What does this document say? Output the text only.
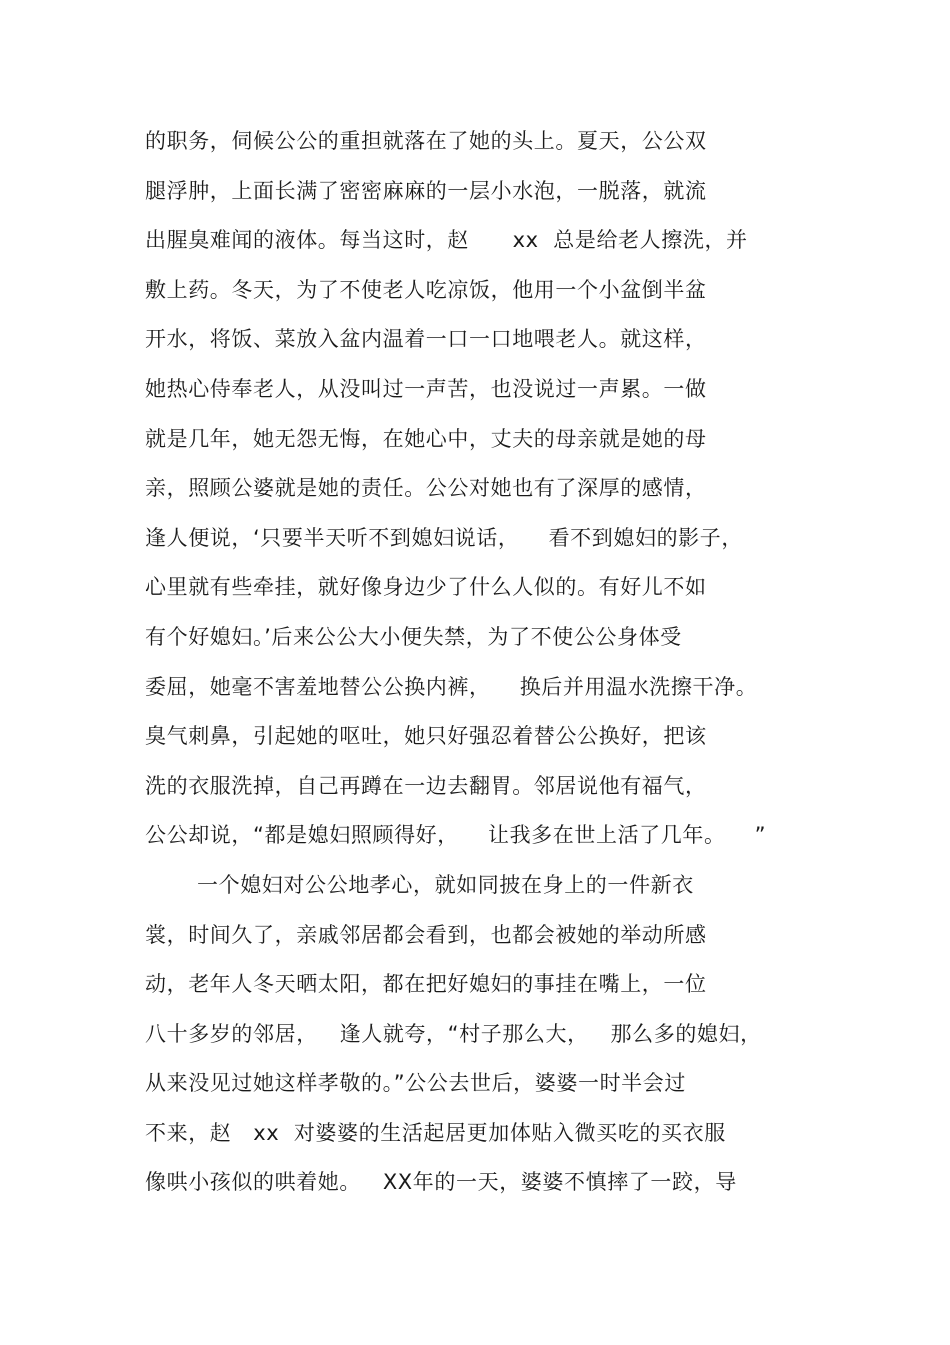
的职务，伺候公公的重担就落在了她的头上。夏天，公公双
腿浮肿，上面长满了密密麻麻的一层小水泡，一脱落，就流
出腥臭难闻的液体。每当这时，赵      xx  总是给老人擦洗，并
敷上药。冬天，为了不使老人吃凉饭，他用一个小盆倒半盆
开水，将饭、菜放入盆内温着一口一口地喂老人。就这样，
她热心侍奉老人，从没叫过一声苦，也没说过一声累。一做
就是几年，她无怨无悔，在她心中，丈夫的母亲就是她的母
亲，照顾公婆就是她的责任。公公对她也有了深厚的感情，
逢人便说，‘只要半天听不到媳妇说话，    看不到媳妇的影子，
心里就有些牵挂，就好像身边少了什么人似的。有好儿不如
有个好媳妇。’后来公公大小便失禁，为了不使公公身体受
委屈，她毫不害羞地替公公换内裤，    换后并用温水洗擦干净。
臭气刺鼻，引起她的呕吐，她只好强忍着替公公换好，把该
洗的衣服洗掉，自己再蹲在一边去翻胃。邻居说他有福气，
公公却说，“都是媳妇照顾得好，    让我多在世上活了几年。    ”
一个媳妇对公公地孝心，就如同披在身上的一件新衣
裳，时间久了，亲戚邻居都会看到，也都会被她的举动所感
动，老年人冬天晒太阳，都在把好媳妇的事挂在嘴上，一位
八十多岁的邻居，   逢人就夸，“村子那么大，   那么多的媳妇，
从来没见过她这样孝敬的。”公公去世后，婆婆一时半会过
不来，赵   xx  对婆婆的生活起居更加体贴入微买吃的买衣服
像哄小孩似的哄着她。   XX年的一天，婆婆不慎摔了一跤，导
